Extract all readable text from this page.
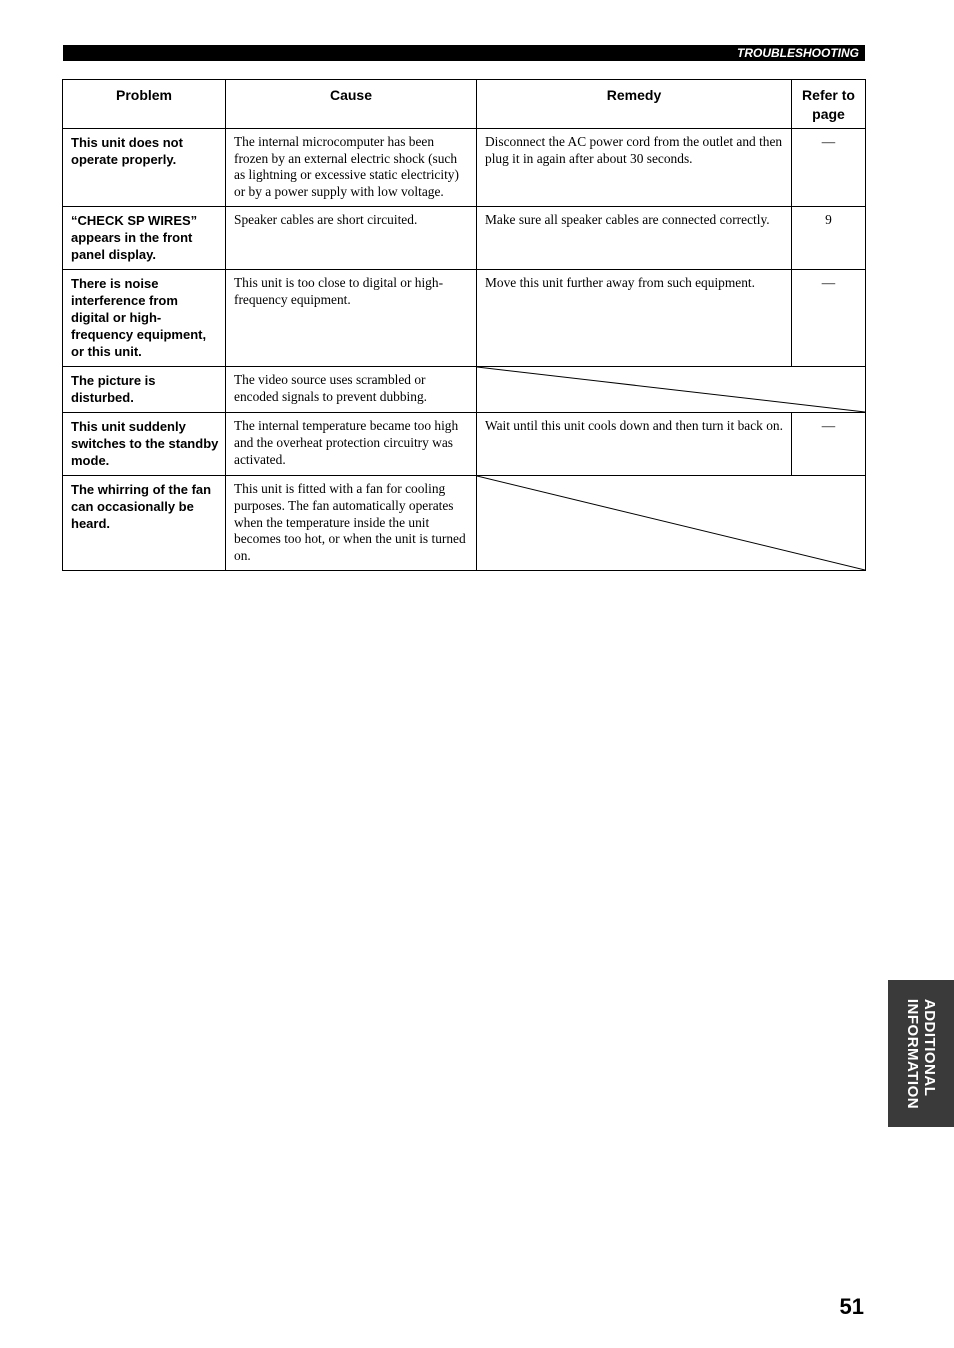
TROUBLESHOOTING
Problem	Cause	Remedy	Refer to page
This unit does not operate properly.	The internal microcomputer has been frozen by an external electric shock (such as lightning or excessive static electricity) or by a power supply with low voltage.	Disconnect the AC power cord from the outlet and then plug it in again after about 30 seconds.	—
“CHECK SP WIRES” appears in the front panel display.	Speaker cables are short circuited.	Make sure all speaker cables are connected correctly.	9
There is noise interference from digital or high-frequency equipment, or this unit.	This unit is too close to digital or high-frequency equipment.	Move this unit further away from such equipment.	—
The picture is disturbed.	The video source uses scrambled or encoded signals to prevent dubbing.	

This unit suddenly switches to the standby mode.	The internal temperature became too high and the overheat protection circuitry was activated.	Wait until this unit cools down and then turn it back on.	—
The whirring of the fan can occasionally be heard.	This unit is fitted with a fan for cooling purposes. The fan automatically operates when the temperature inside the unit becomes too hot, or when the unit is turned on.	
ADDITIONAL
INFORMATION
51
